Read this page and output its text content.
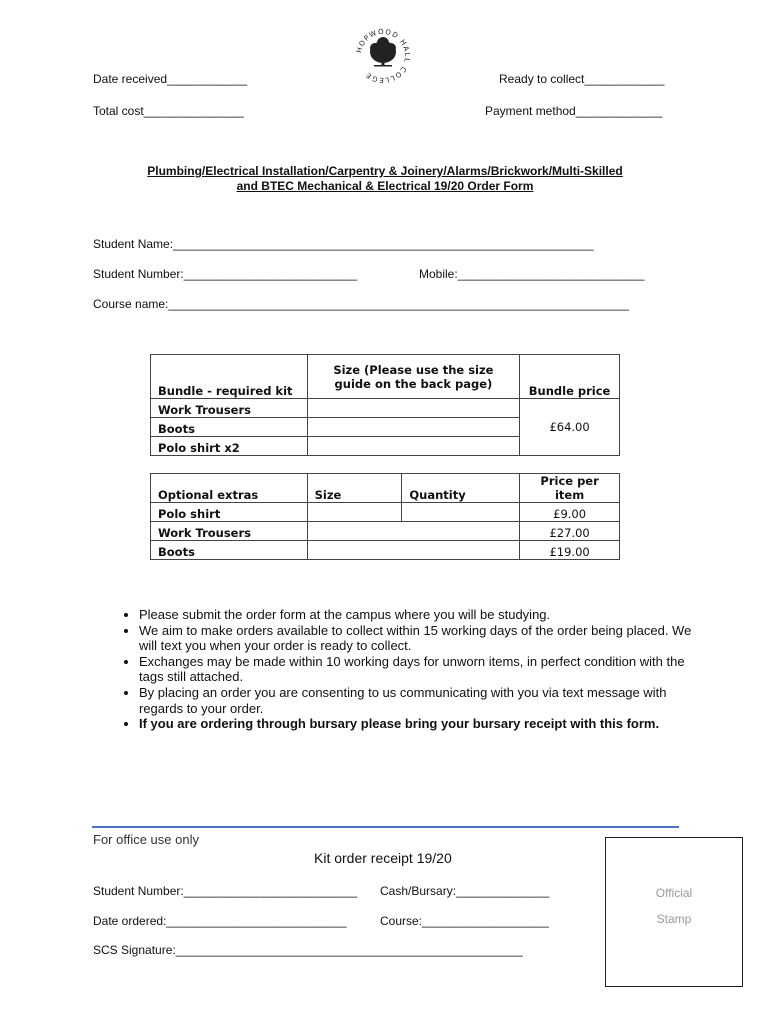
HOPWOOD HALL COLLEGE
Date received____________	Ready to collect____________
Total cost_______________	Payment method_____________
Plumbing/Electrical Installation/Carpentry & Joinery/Alarms/Brickwork/Multi-Skilled
and BTEC Mechanical & Electrical 19/20 Order Form
Student Name:_______________________________________________________________
Student Number:__________________________	Mobile:____________________________
Course name:_____________________________________________________________________
Bundle - required kit	Size (Please use the size guide on the back page)	Bundle price
Work Trousers		£64.00
Boots		
Polo shirt x2		
Optional extras	Size	Quantity	Price per item
Polo shirt			£9.00
Work Trousers			£27.00
Boots			£19.00
• Please submit the order form at the campus where you will be studying.
• We aim to make orders available to collect within 15 working days of the order being placed. We will text you when your order is ready to collect.
• Exchanges may be made within 10 working days for unworn items, in perfect condition with the tags still attached.
• By placing an order you are consenting to us communicating with you via text message with regards to your order.
• If you are ordering through bursary please bring your bursary receipt with this form.
For office use only
Kit order receipt 19/20
Student Number:__________________________ Cash/Bursary:______________
Date ordered:___________________________	Course:___________________
SCS Signature:____________________________________________________
Official
Stamp
